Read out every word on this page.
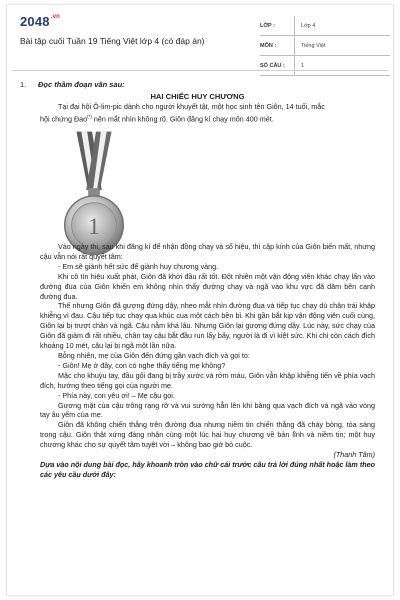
$2048^{.vn}$
Bài tập cuối Tuần 19 Tiếng Việt lớp 4 (có đáp án)
LỚP :	Lớp 4
MÔN :	Tiếng Việt
SỐ CÂU :	1
1. Đọc thầm đoạn văn sau:
HAI CHIẾC HUY CHƯƠNG
Tại đại hội Ô-lim-pic dành cho người khuyết tật, một học sinh tên Giôn, 14 tuổi, mắc
hội chứng Đao(*) nên mắt nhìn không rõ. Giôn đăng kí chạy môn 400 mét.
1

Vào ngày thi, sau khi đăng kí để nhận đồng chạy và số hiệu, thì cập kính của Giôn biến mất, nhưng cậu vẫn nói rất quyết tâm:

- Em sẽ giành hết sức để giành huy chương vàng.

Khi cô tín hiệu xuất phát, Giôn đã khởi đầu rất tốt. Đột nhiên một vận động viên khác chạy lấn vào đường đua của Giôn khiến em không nhìn thấy đường chạy và ngã vào khu vực đã dăm bên cạnh đường đua.

Thế nhưng Giôn đã gượng đứng dậy, nheo mắt nhìn đường đua và tiếp tục chạy dù chân trái khập khiễng vì đau. Cậu tiếp tục chạy qua khúc cua một cách bền bỉ. Khi gần bắt kịp vận động viên cuối cùng, Giôn lại bị trượt chân và ngã. Cậu nằm khá lâu. Nhưng Giôn lại gượng đứng dậy. Lúc này, sức chạy của Giôn đã giảm đi rất nhiều, chân tay cậu bắt đầu run lẩy bẩy, người là đi vì kiệt sức. Khi chỉ còn cách đích khoảng 10 mét, cậu lại bị ngã một lần nữa.

Bỗng nhiên, mẹ của Giôn đến đứng gần vạch đích và gọi to:

- Giôn! Mẹ ở đây, con có nghe thấy tiếng mẹ không?

Mặc cho khuỷu tay, đầu gối đang bị trầy xước và rớm máu, Giôn vẫn khập khiễng tiến về phía vạch đích, hướng theo tiếng gọi của người mẹ.

- Phía này, con yêu ơi! – Mẹ cậu gọi.

Gương mặt của cậu trông rạng rỡ và vui sướng hẳn lên khi băng qua vạch đích và ngã vào vòng tay âu yếm của mẹ.

Giôn đã không chiến thắng trên đường đua nhưng niềm tin chiến thắng đã cháy bỏng, tỏa sáng trong cậu. Giôn thật xứng đáng nhận cùng một lúc hai huy chương về bản lĩnh và niềm tin; một huy chương khác cho sự quyết tâm tuyệt vời – không bao giờ bỏ cuộc.

(Thanh Tâm)

Dựa vào nội dung bài đọc, hãy khoanh tròn vào chữ cái trước câu trả lời đúng nhất hoặc làm theo các yêu cầu dưới đây:
